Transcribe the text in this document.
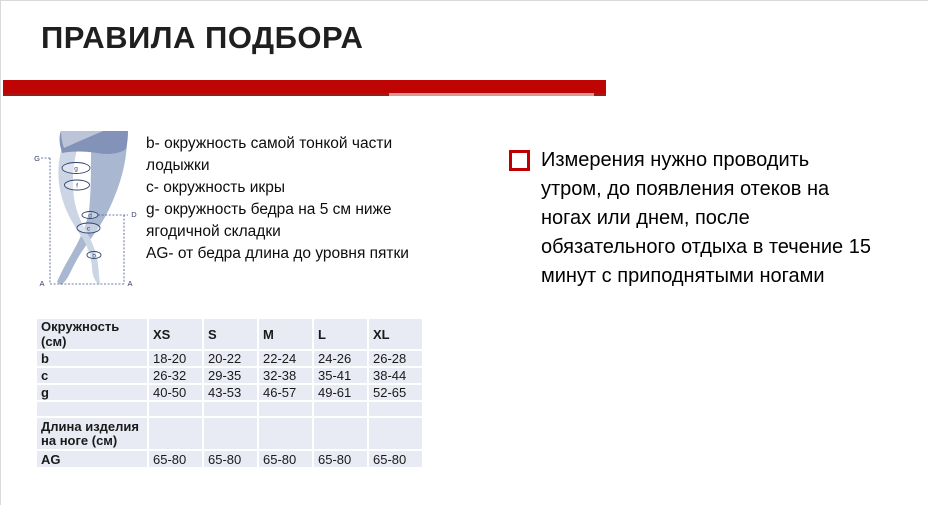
ПРАВИЛА ПОДБОРА
g
f
d
c
b
G
D
A	A
b- окружность самой тонкой части лодыжки
c- окружность икры
g- окружность бедра на 5 см ниже ягодичной складки
AG- от бедра длина до уровня пятки
Измерения нужно проводить
утром, до появления отеков на
ногах или днем, после
обязательного отдыха в течение 15
минут с приподнятыми ногами
Окружность (см)	XS	S	M	L	XL
b	18-20	20-22	22-24	24-26	26-28
c	26-32	29-35	32-38	35-41	38-44
g	40-50	43-53	46-57	49-61	52-65

Длина изделия на ноге (см)					
AG	65-80	65-80	65-80	65-80	65-80
